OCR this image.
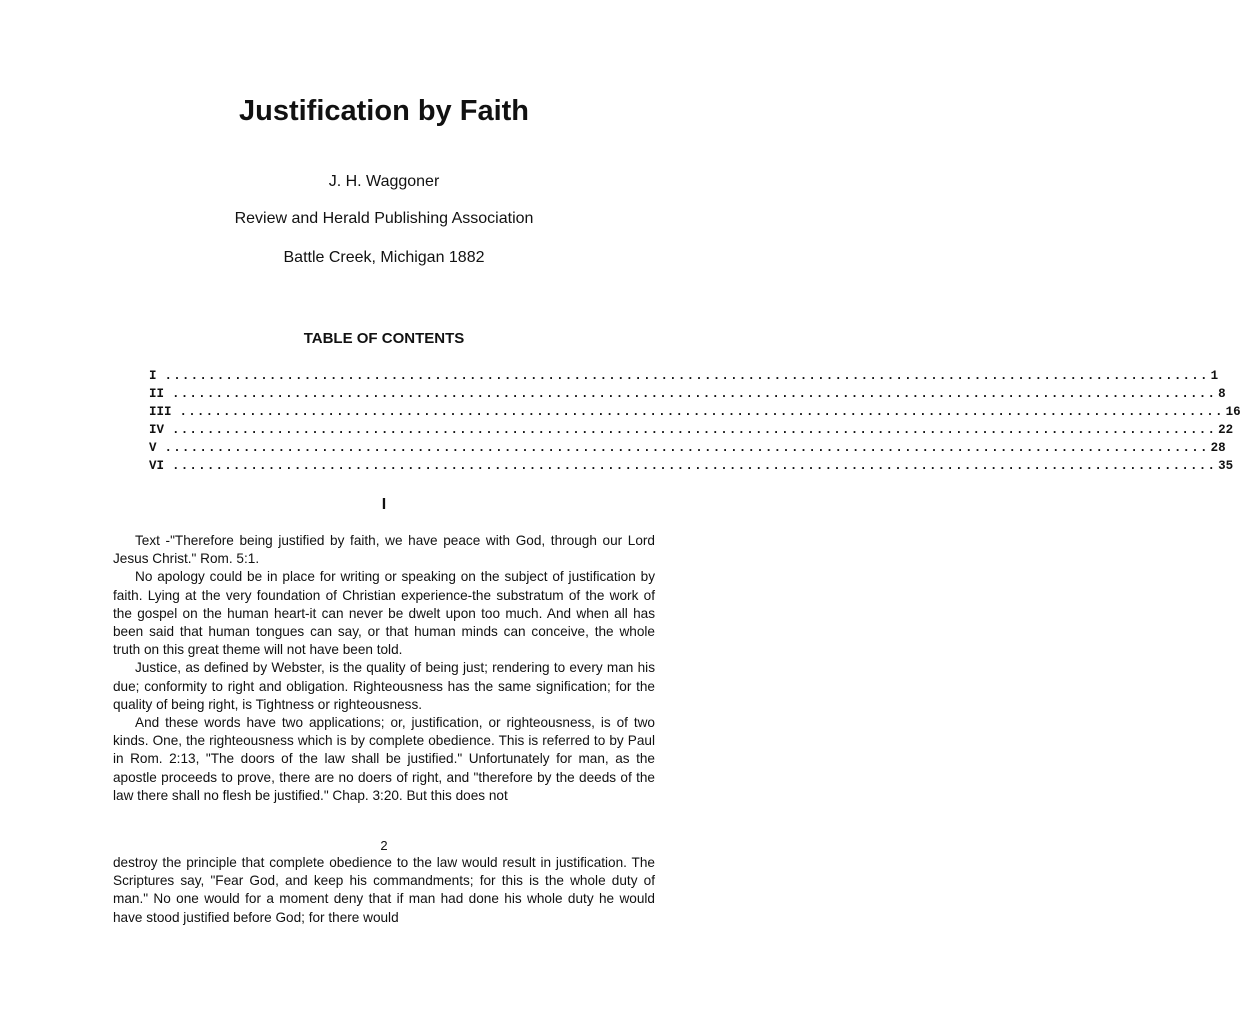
Justification by Faith
J. H. Waggoner
Review and Herald Publishing Association
Battle Creek, Michigan 1882
TABLE OF CONTENTS
I ........................................................................................................................ 1
II ........................................................................................................................ 8
III ........................................................................................................................ 16
IV ........................................................................................................................ 22
V ........................................................................................................................ 28
VI ........................................................................................................................ 35
I

Text -"Therefore being justified by faith, we have peace with God, through our Lord Jesus Christ." Rom. 5:1.

No apology could be in place for writing or speaking on the subject of justification by faith. Lying at the very foundation of Christian experience-the substratum of the work of the gospel on the human heart-it can never be dwelt upon too much. And when all has been said that human tongues can say, or that human minds can conceive, the whole truth on this great theme will not have been told.

Justice, as defined by Webster, is the quality of being just; rendering to every man his due; conformity to right and obligation. Righteousness has the same signification; for the quality of being right, is Tightness or righteousness.

And these words have two applications; or, justification, or righteousness, is of two kinds. One, the righteousness which is by complete obedience. This is referred to by Paul in Rom. 2:13, "The doors of the law shall be justified." Unfortunately for man, as the apostle proceeds to prove, there are no doers of right, and "therefore by the deeds of the law there shall no flesh be justified." Chap. 3:20. But this does not

2

destroy the principle that complete obedience to the law would result in justification. The Scriptures say, "Fear God, and keep his commandments; for this is the whole duty of man." No one would for a moment deny that if man had done his whole duty he would have stood justified before God; for there would
